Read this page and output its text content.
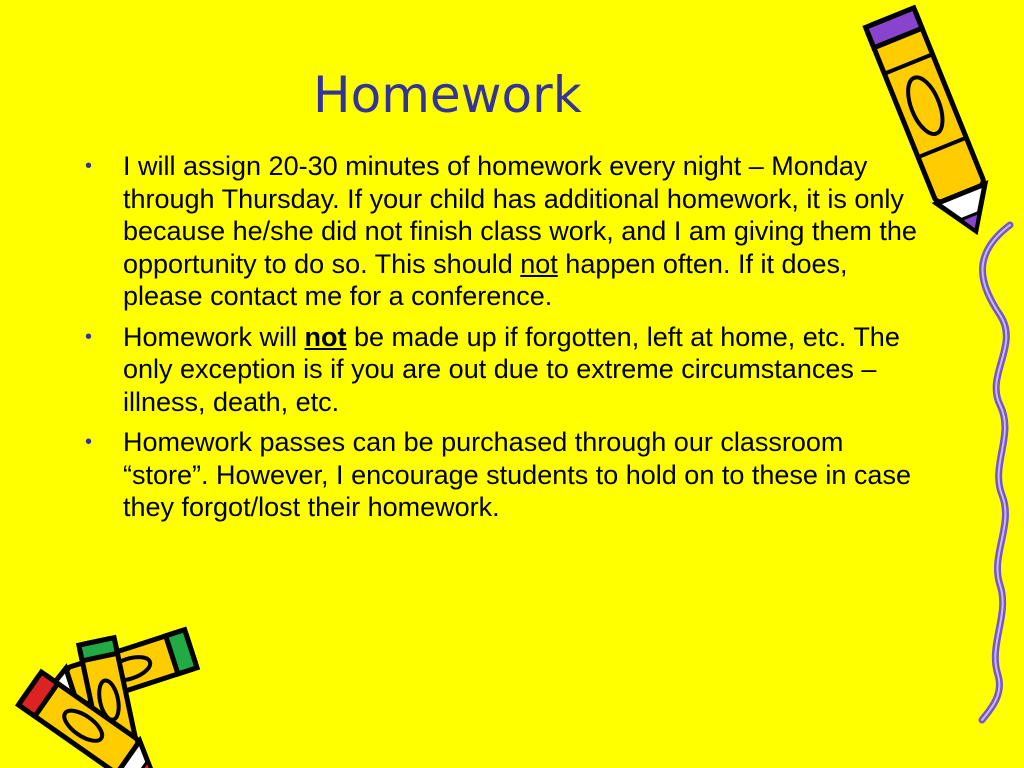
Homework
• I will assign 20-30 minutes of homework every night – Monday through Thursday. If your child has additional homework, it is only because he/she did not finish class work, and I am giving them the opportunity to do so. This should not happen often. If it does, please contact me for a conference.
• Homework will not be made up if forgotten, left at home, etc. The only exception is if you are out due to extreme circumstances – illness, death, etc.
• Homework passes can be purchased through our classroom “store”. However, I encourage students to hold on to these in case they forgot/lost their homework.
